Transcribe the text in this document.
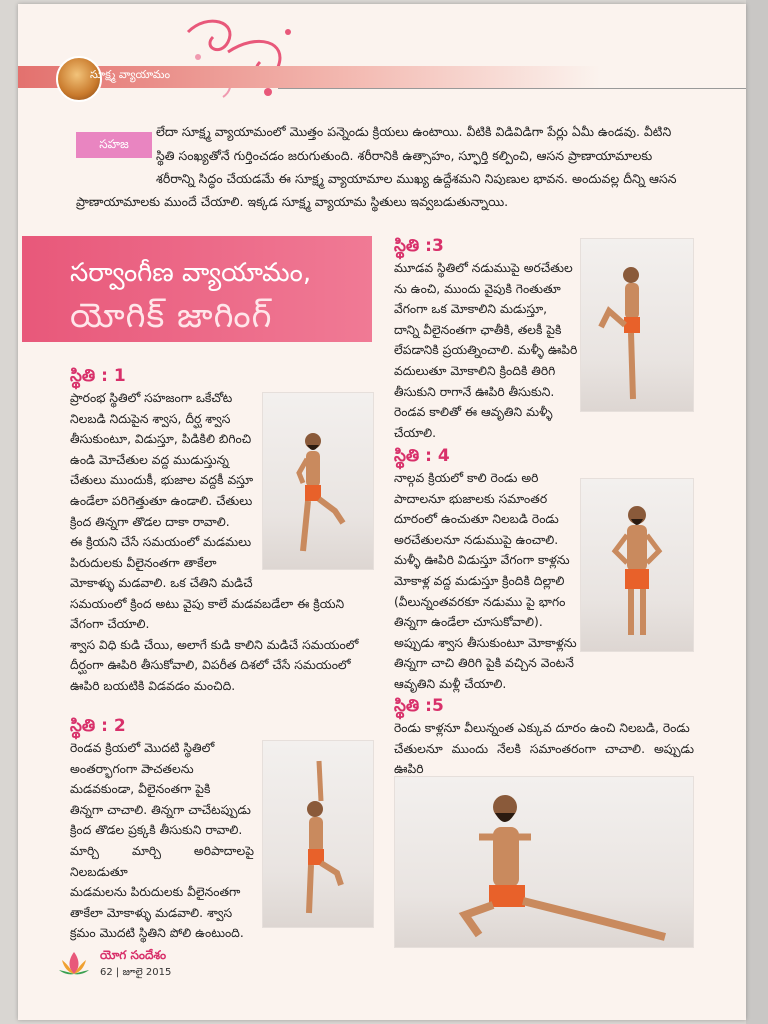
సూక్ష్మ వ్యాయామం
సహజ
లేదా సూక్ష్మ వ్యాయామంలో మొత్తం పన్నెండు క్రియలు ఉంటాయి. వీటికి విడివిడిగా పేర్లు ఏమీ ఉండవు. వీటిని
స్థితి సంఖ్యతోనే గుర్తించడం జరుగుతుంది. శరీరానికి ఉత్సాహం, స్ఫూర్తి కల్పించి, ఆసన ప్రాణాయామాలకు
శరీరాన్ని సిద్ధం చేయడమే ఈ సూక్ష్మ వ్యాయామాల ముఖ్య ఉద్దేశమని నిపుణుల భావన. అందువల్ల దీన్ని ఆసన
ప్రాణాయామాలకు ముందే చేయాలి. ఇక్కడ సూక్ష్మ వ్యాయామ స్థితులు ఇవ్వబడుతున్నాయి.
సర్వాంగీణ వ్యాయామం,
యోగిక్ జాగింగ్
స్థితి : 1
ప్రారంభ స్థితిలో సహజంగా ఒకేచోట
నిలబడి నిదుపైన శ్వాస, దీర్ఘ శ్వాస
తీసుకుంటూ, విడుస్తూ, పిడికిలి బిగించి
ఉండి మోచేతుల వద్ద ముడుస్తున్న
చేతులు ముందుకీ, భుజాల వద్దకీ వస్తూ
ఉండేలా పరిగెత్తుతూ ఉండాలి. చేతులు
క్రింద తిన్నగా తొడల దాకా రావాలి.
ఈ క్రియని చేసే సమయంలో మడమలు
పిరుదులకు వీలైనంతగా తాకేలా
మోకాళ్ళు మడవాలి. ఒక చేతిని మడిచే
సమయంలో క్రింద అటు వైపు కాలే మడవబడేలా ఈ క్రియని
వేగంగా చేయాలి.
శ్వాస విధి కుడి చేయి, అలాగే కుడి కాలిని మడిచే సమయంలో
దీర్ఘంగా ఊపిరి తీసుకోవాలి, విపరీత దిశలో చేసే సమయంలో
ఊపిరి బయటికి విడవడం మంచిది.
స్థితి : 2
రెండవ క్రియలో మొదటి స్థితిలో
అంతర్భాగంగా వెాచతలను
మడవకుండా, వీలైనంతగా పైకి
తిన్నగా చాచాలి. తిన్నగా చాచేటప్పుడు
క్రింద తొడల ప్రక్కకి తీసుకుని రావాలి.
మార్చి మార్చి అరిపాదాలపై నిలబడుతూ
మడమలను పిరుదులకు వీలైనంతగా
తాకేలా మోకాళ్ళు మడవాలి. శ్వాస
క్రమం మొదటి స్థితిని పోలి ఉంటుంది.
స్థితి :3
మూడవ స్థితిలో నడుముపై అరచేతుల
ను ఉంచి, ముందు వైపుకి గెంతుతూ
వేగంగా ఒక మోకాలిని మడుస్తూ,
దాన్ని వీలైనంతగా ఛాతీకి, తలకీ పైకి
లేపడానికి ప్రయత్నించాలి. మళ్ళీ ఊపిరి
వదులుతూ మోకాలిని క్రిందికి తిరిగి
తీసుకుని రాగానే ఊపిరి తీసుకుని.
రెండవ కాలితో ఈ ఆవృతిని మళ్ళీ
చేయాలి.
స్థితి : 4
నాల్గవ క్రియలో కాలి రెండు అరి
పాదాలనూ భుజాలకు సమాంతర
దూరంలో ఉంచుతూ నిలబడి రెండు
అరచేతులనూ నడుముపై ఉంచాలి.
మళ్ళీ ఊపిరి విడుస్తూ వేగంగా కాళ్లను
మోకాళ్ల వద్ద మడుస్తూ క్రిందికి దిల్లాలి
(వీలున్నంతవరకూ నడుము పై భాగం
తిన్నగా ఉండేలా చూసుకోవాలి).
అప్పుడు శ్వాస తీసుకుంటూ మోకాళ్లను
తిన్నగా చాచి తిరిగి పైకి వచ్చిన వెంటనే
ఆవృతిని మళ్లీ చేయాలి.
స్థితి :5
రెండు కాళ్లనూ వీలున్నంత ఎక్కువ దూరం ఉంచి నిలబడి, రెండు
చేతులనూ ముందు నేలకి సమాంతరంగా చాచాలి. అప్పుడు ఊపిరి
యోగ సందేశం
62 | జూలై 2015
